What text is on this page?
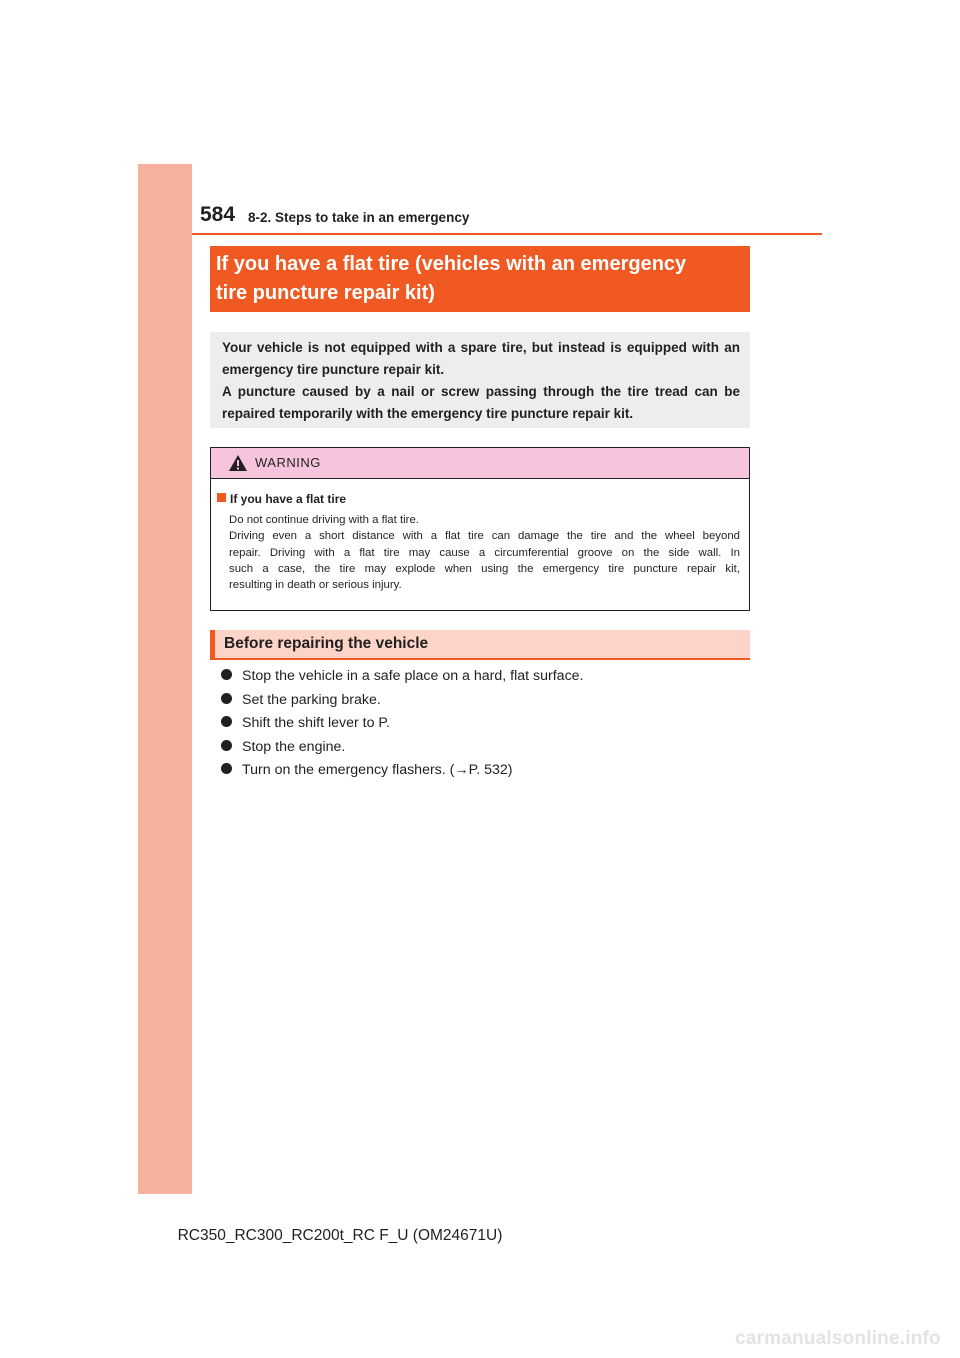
584 8-2. Steps to take in an emergency
If you have a flat tire (vehicles with an emergency
tire puncture repair kit)
Your vehicle is not equipped with a spare tire, but instead is equipped with an
emergency tire puncture repair kit.
A puncture caused by a nail or screw passing through the tire tread can be
repaired temporarily with the emergency tire puncture repair kit.
WARNING
If you have a flat tire
Do not continue driving with a flat tire.
Driving even a short distance with a flat tire can damage the tire and the wheel beyond
repair. Driving with a flat tire may cause a circumferential groove on the side wall. In
such a case, the tire may explode when using the emergency tire puncture repair kit,
resulting in death or serious injury.
Before repairing the vehicle
Stop the vehicle in a safe place on a hard, flat surface.
Set the parking brake.
Shift the shift lever to P.
Stop the engine.
Turn on the emergency flashers. (→P. 532)
RC350_RC300_RC200t_RC F_U (OM24671U)
carmanualsonline.info
